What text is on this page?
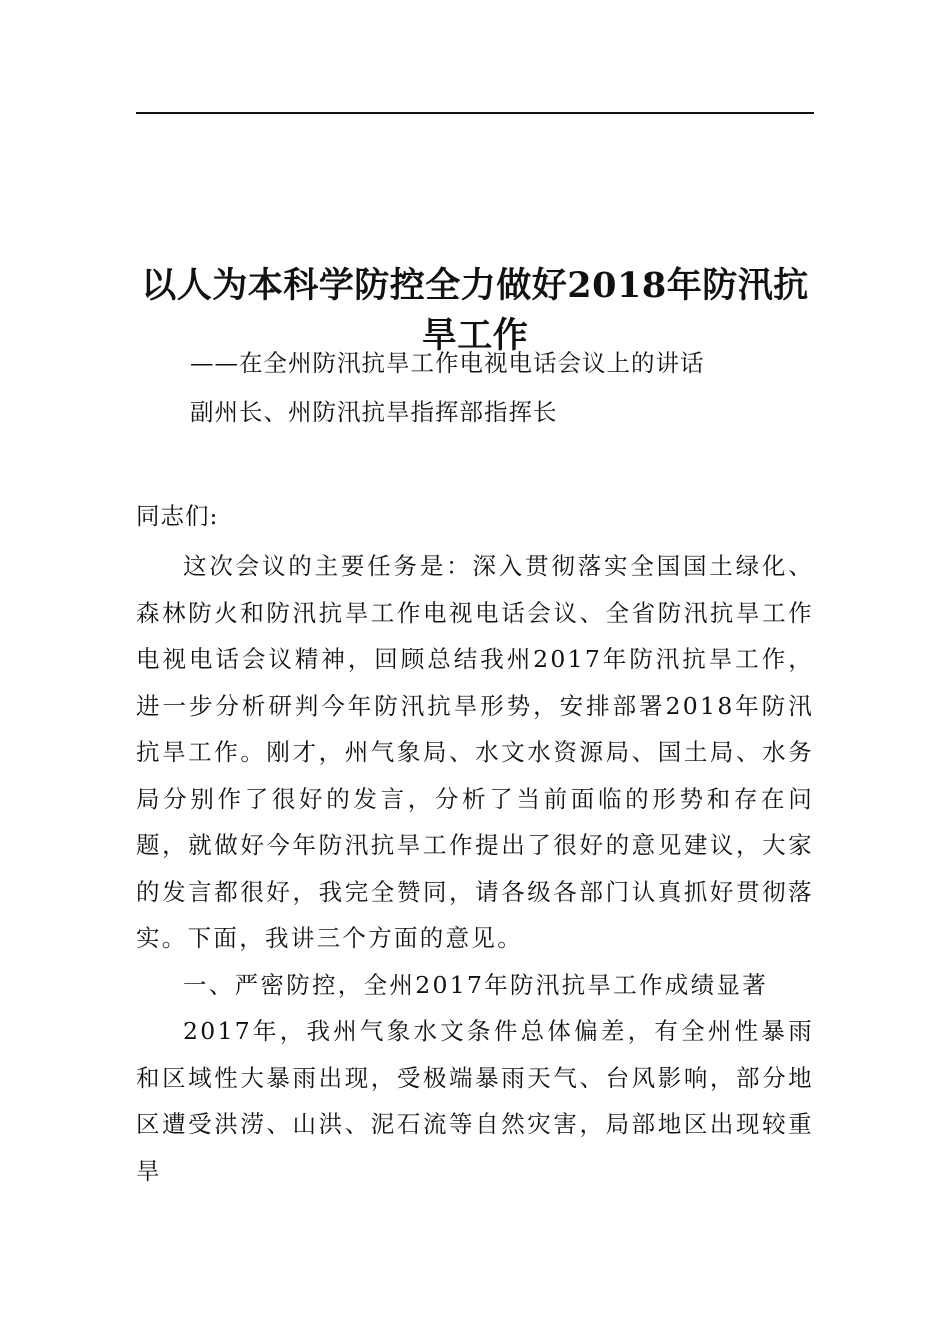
以人为本科学防控全力做好2018年防汛抗旱工作
——在全州防汛抗旱工作电视电话会议上的讲话
副州长、州防汛抗旱指挥部指挥长
同志们:

这次会议的主要任务是：深入贯彻落实全国国土绿化、森林防火和防汛抗旱工作电视电话会议、全省防汛抗旱工作电视电话会议精神，回顾总结我州2017年防汛抗旱工作，进一步分析研判今年防汛抗旱形势，安排部署2018年防汛抗旱工作。刚才，州气象局、水文水资源局、国土局、水务局分别作了很好的发言，分析了当前面临的形势和存在问题，就做好今年防汛抗旱工作提出了很好的意见建议，大家的发言都很好，我完全赞同，请各级各部门认真抓好贯彻落实。下面，我讲三个方面的意见。

一、严密防控，全州2017年防汛抗旱工作成绩显著

2017年，我州气象水文条件总体偏差，有全州性暴雨和区域性大暴雨出现，受极端暴雨天气、台风影响，部分地区遭受洪涝、山洪、泥石流等自然灾害，局部地区出现较重旱
